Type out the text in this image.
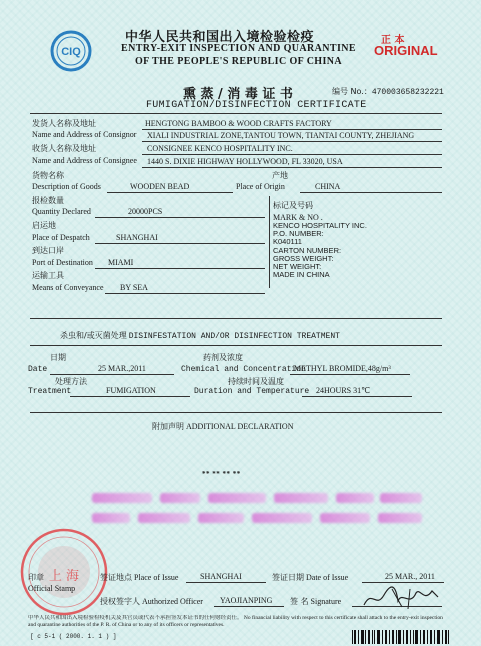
CIQ
中华人民共和国出入境检验检疫
ENTRY-EXIT INSPECTION AND QUARANTINE
OF THE PEOPLE'S REPUBLIC OF CHINA
正 本
ORIGINAL
熏 蒸 / 消 毒 证 书	编号 No.：470003658232221
FUMIGATION/DISINFECTION CERTIFICATE
发货人名称及地址	HENGTONG BAMBOO & WOOD CRAFTS FACTORY
Name and Address of Consignor XIALI INDUSTRIAL ZONE,TANTOU TOWN, TIANTAI COUNTY, ZHEJIANG
收货人名称及地址	CONSIGNEE KENCO HOSPITALITY INC.
Name and Address of Consignee 1440 S. DIXIE HIGHWAY HOLLYWOOD, FL 33020, USA
货物名称	产地
Description of Goods	WOODEN BEAD	Place of Origin	CHINA
报检数量
Quantity Declared	20000PCS
启运地
Place of Despatch	SHANGHAI
到达口岸
Port of Destination MIAMI
运输工具
Means of Conveyance BY SEA
标记及号码
MARK & NO .
KENCO HOSPITALITY INC.
P.O. NUMBER:
K040111
CARTON NUMBER:
GROSS WEIGHT:
NET WEIGHT:
MADE IN CHINA
杀虫和/或灭菌处理 DISINFESTATION AND/OR DISINFECTION TREATMENT
日期	药剂及浓度
Date	25 MAR.,2011	Chemical and Concentration
METHYL BROMIDE,48g/m³
处理方法	持续时间及温度
Treatment	FUMIGATION	Duration and Temperature 24HOURS 31℃
附加声明 ADDITIONAL DECLARATION
** ** ** **
上 海
印章
Official Stamp
签证地点 Place of Issue	SHANGHAI	签证日期 Date of Issue	25 MAR., 2011
授权签字人 Authorized Officer YAOJIANPING 签 名 Signature
中华人民共和国出入境检验检疫机关及其官员或代表不承担签发本证书的任何财经责任。 No financial liability with respect to this certificate shall attach to the entry-exit inspection and quarantine authorities of the P. R. of China or to any of its officers or representatives.
[ c 5-1 ( 2000. 1. 1 ) ]
